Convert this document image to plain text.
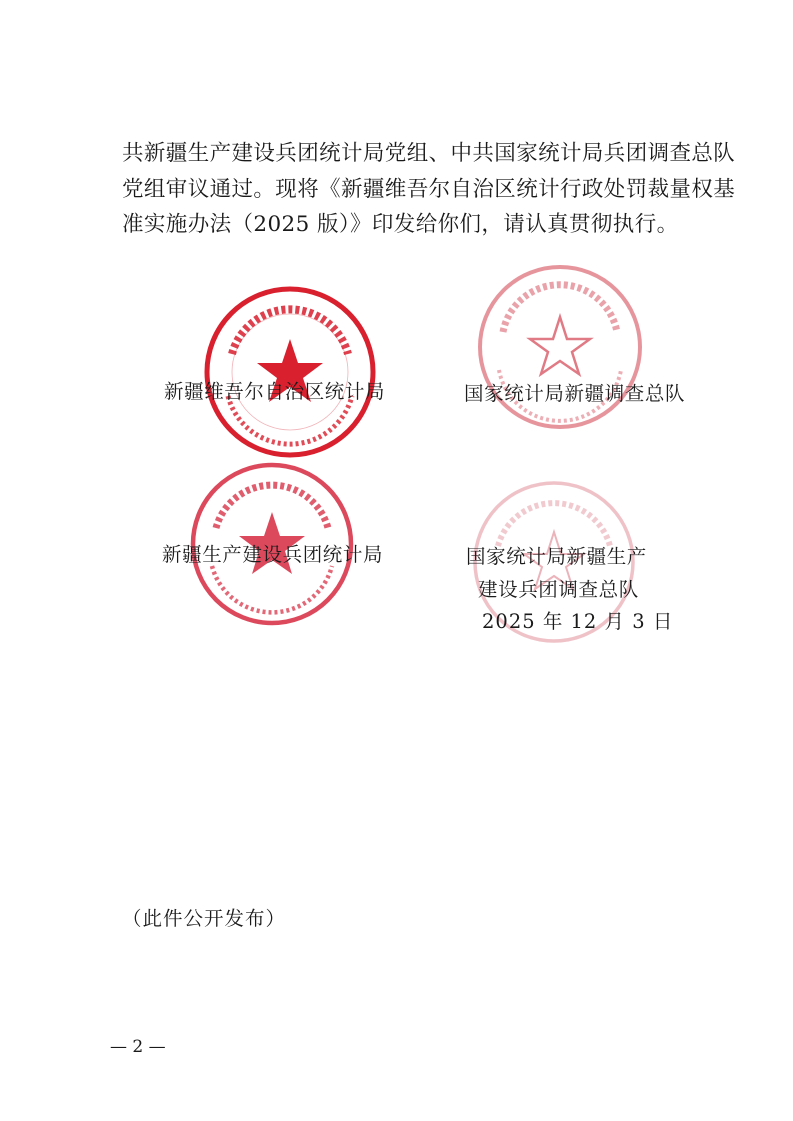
共新疆生产建设兵团统计局党组、中共国家统计局兵团调查总队
党组审议通过。现将《新疆维吾尔自治区统计行政处罚裁量权基
准实施办法（2025 版）》印发给你们，请认真贯彻执行。
新疆维吾尔自治区统计局	国家统计局新疆调查总队
新疆生产建设兵团统计局	国家统计局新疆生产
建设兵团调查总队
2025 年 12 月 3 日
（此件公开发布）
— 2 —
